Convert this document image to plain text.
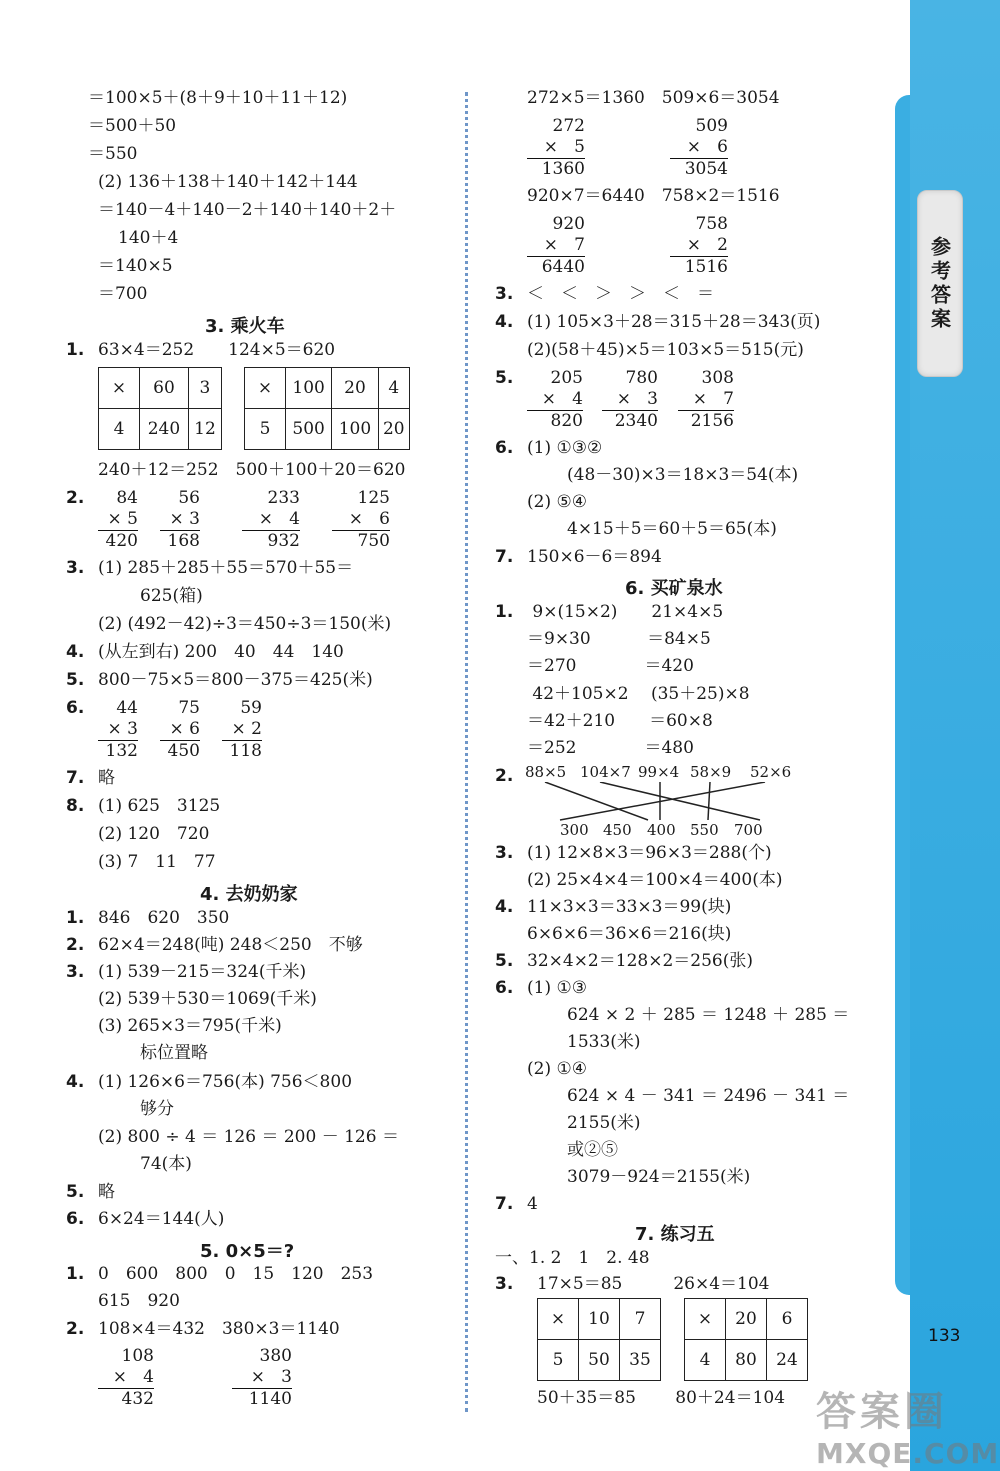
参考答案
133
答案圈
MXQE.COM
＝100×5＋(8＋9＋10＋11＋12)
＝500＋50
＝550
(2) 136＋138＋140＋142＋144
＝140－4＋140－2＋140＋140＋2＋
140＋4
＝140×5
＝700
3. 乘火车
1. 63×4＝252　　124×5＝620
×	60	3
4	240	12
×	100	20	4
5	500	100	20
240＋12＝252　500＋100＋20＝620
2.	84
× 5
420
56
× 3
168
233
×   4
932
125
×   6
750
3. (1) 285＋285＋55＝570＋55＝
625(箱)
(2) (492－42)÷3＝450÷3＝150(米)
4. (从左到右) 200　40　44　140
5. 800－75×5＝800－375＝425(米)
6.	44
× 3
132
75
× 6
450
59
× 2
118
7. 略
8. (1) 625　3125
(2) 120　720
(3) 7　11　77
4. 去奶奶家
1. 846　620　350
2. 62×4＝248(吨) 248＜250　不够
3. (1) 539－215＝324(千米)
(2) 539＋530＝1069(千米)
(3) 265×3＝795(千米)
标位置略
4. (1) 126×6＝756(本) 756＜800
够分
(2) 800 ÷ 4 ＝ 126 ＝ 200 － 126 ＝
74(本)
5. 略
6. 6×24＝144(人)
5. 0×5＝?
1. 0　600　800　0　15　120　253
615　920
2. 108×4＝432　380×3＝1140
108
×   4
432
380
×   3
1140
272×5＝1360　509×6＝3054
272
×   5
1360
509
×   6
3054
920×7＝6440　758×2＝1516
920
×   7
6440
758
×   2
1516
3. ＜　＜　＞　＞　＜　＝
4. (1) 105×3＋28＝315＋28＝343(页)
(2)(58＋45)×5＝103×5＝515(元)
5.	205
×   4
820
780
×   3
2340
308
×   7
2156
6. (1) ①③②
(48－30)×3＝18×3＝54(本)
(2) ⑤④
4×15＋5＝60＋5＝65(本)
7. 150×6－6＝894
6. 买矿泉水
1. 9×(15×2)　　21×4×5
＝9×30　　　 ＝84×5
＝270　　　　＝420
42＋105×2　 (35＋25)×8
＝42＋210　　＝60×8
＝252　　　　＝480
2. 88×5 104×7 99×4 58×9 52×6
300 450 400 550 700
3. (1) 12×8×3＝96×3＝288(个)
(2) 25×4×4＝100×4＝400(本)
4. 11×3×3＝33×3＝99(块)
6×6×6＝36×6＝216(块)
5. 32×4×2＝128×2＝256(张)
6. (1) ①③
624 × 2 ＋ 285 ＝ 1248 ＋ 285 ＝
1533(米)
(2) ①④
624 × 4 － 341 ＝ 2496 － 341 ＝
2155(米)
或②⑤
3079－924＝2155(米)
7. 4
7. 练习五
一、1. 2　1　2. 48
3. 17×5＝85　　　26×4＝104
×	10	7
5	50	35
×	20	6
4	80	24
50＋35＝85　　 80＋24＝104
